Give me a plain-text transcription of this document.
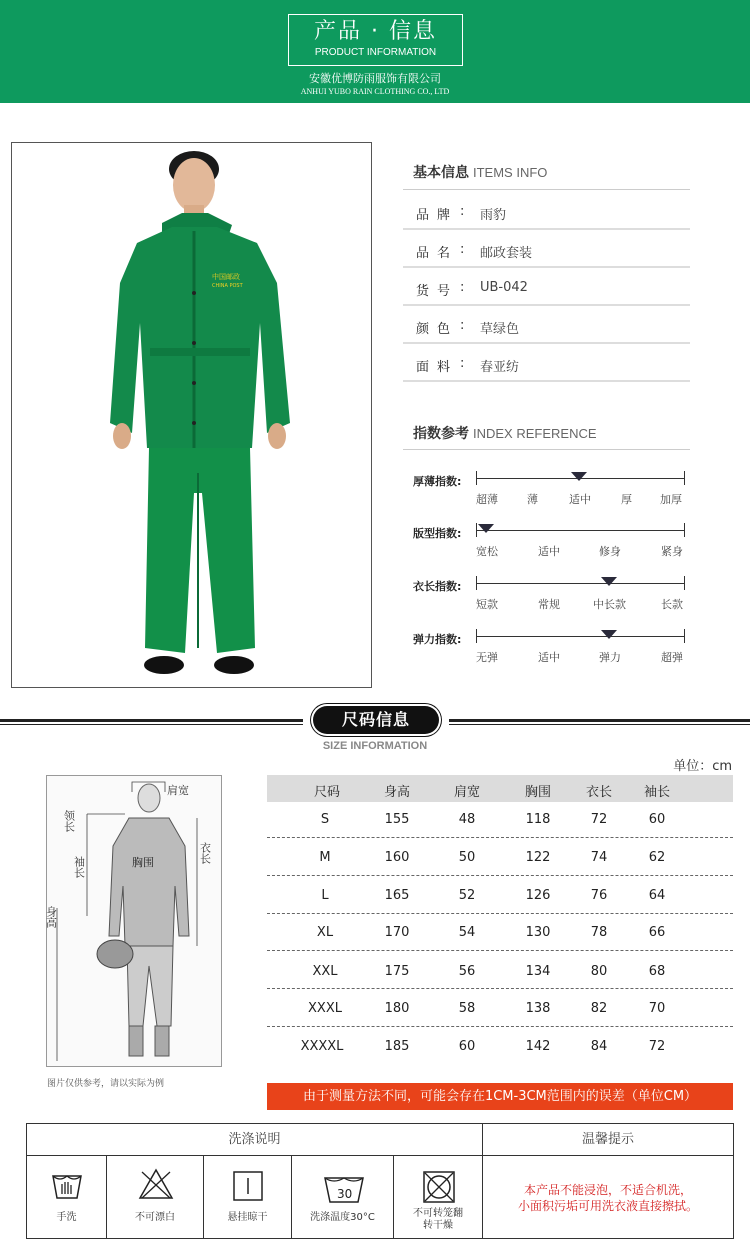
产品 · 信息
PRODUCT INFORMATION
安徽优博防雨服饰有限公司
ANHUI YUBO RAIN CLOTHING CO., LTD
中国邮政
CHINA POST
基本信息 ITEMS INFO
品牌 : 雨豹
品名 : 邮政套装
货号 : UB-042
颜色 : 草绿色
面料 : 春亚纺
指数参考 INDEX REFERENCE
厚薄指数:
超薄	薄	适中	厚	加厚
版型指数:
宽松	适中	修身	紧身
衣长指数:
短款	常规	中长款	长款
弹力指数:
无弹	适中	弹力	超弹
尺码信息
SIZE INFORMATION
单位：cm
肩宽
领长
袖长	胸围	衣长
身高
图片仅供参考，请以实际为例
尺码	身高	肩宽	胸围	衣长	袖长
S	155	48	118	72	60
M	160	50	122	74	62
L	165	52	126	76	64
XL	170	54	130	78	66
XXL	175	56	134	80	68
XXXL	180	58	138	82	70
XXXXL	185	60	142	84	72
由于测量方法不同，可能会存在1CM-3CM范围内的误差（单位CM）
洗涤说明	温馨提示
手洗	不可漂白	悬挂晾干
30
洗涤温度30°C	不可转笼翻转干燥
本产品不能浸泡，不适合机洗，
小面积污垢可用洗衣液直接擦拭。
